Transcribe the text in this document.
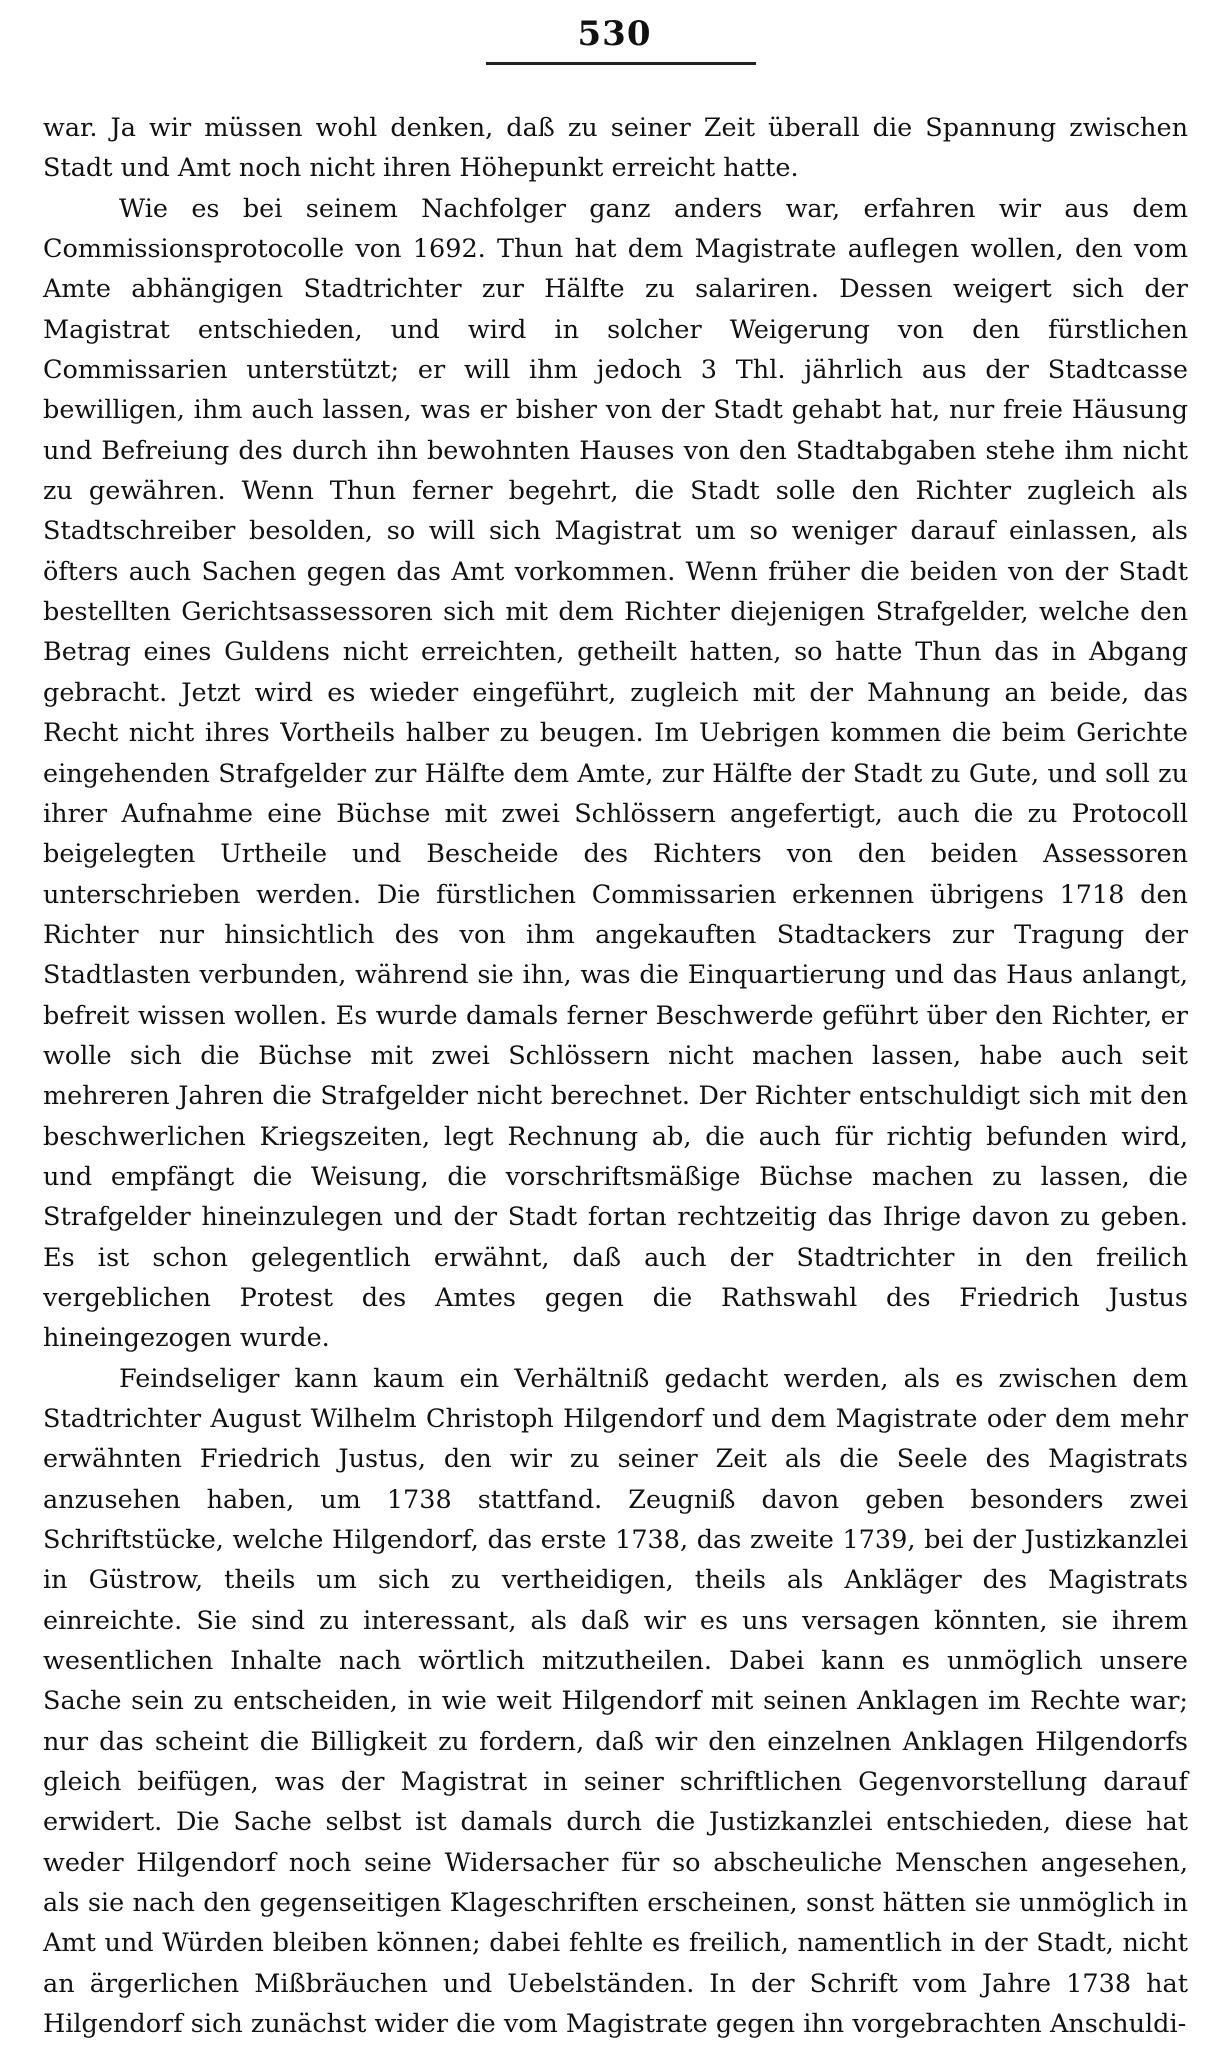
530

war. Ja wir müssen wohl denken, daß zu seiner Zeit überall die Spannung zwischen Stadt und Amt noch nicht ihren Höhepunkt erreicht hatte.

Wie es bei seinem Nachfolger ganz anders war, erfahren wir aus dem Commissionsprotocolle von 1692. Thun hat dem Magistrate auflegen wollen, den vom Amte abhängigen Stadtrichter zur Hälfte zu salariren. Dessen weigert sich der Magistrat entschieden, und wird in solcher Weigerung von den fürstlichen Commissarien unterstützt; er will ihm jedoch 3 Thl. jährlich aus der Stadtcasse bewilligen, ihm auch lassen, was er bisher von der Stadt gehabt hat, nur freie Häusung und Befreiung des durch ihn bewohnten Hauses von den Stadtabgaben stehe ihm nicht zu gewähren. Wenn Thun ferner begehrt, die Stadt solle den Richter zugleich als Stadtschreiber besolden, so will sich Magistrat um so weniger darauf einlassen, als öfters auch Sachen gegen das Amt vorkommen. Wenn früher die beiden von der Stadt bestellten Gerichtsassessoren sich mit dem Richter diejenigen Strafgelder, welche den Betrag eines Guldens nicht erreichten, getheilt hatten, so hatte Thun das in Abgang gebracht. Jetzt wird es wieder eingeführt, zugleich mit der Mahnung an beide, das Recht nicht ihres Vortheils halber zu beugen. Im Uebrigen kommen die beim Gerichte eingehenden Strafgelder zur Hälfte dem Amte, zur Hälfte der Stadt zu Gute, und soll zu ihrer Aufnahme eine Büchse mit zwei Schlössern angefertigt, auch die zu Protocoll beigelegten Urtheile und Bescheide des Richters von den beiden Assessoren unterschrieben werden. Die fürstlichen Commissarien erkennen übrigens 1718 den Richter nur hinsichtlich des von ihm angekauften Stadtackers zur Tragung der Stadtlasten verbunden, während sie ihn, was die Einquartierung und das Haus anlangt, befreit wissen wollen. Es wurde damals ferner Beschwerde geführt über den Richter, er wolle sich die Büchse mit zwei Schlössern nicht machen lassen, habe auch seit mehreren Jahren die Strafgelder nicht berechnet. Der Richter entschuldigt sich mit den beschwerlichen Kriegszeiten, legt Rechnung ab, die auch für richtig befunden wird, und empfängt die Weisung, die vorschriftsmäßige Büchse machen zu lassen, die Strafgelder hineinzulegen und der Stadt fortan rechtzeitig das Ihrige davon zu geben. Es ist schon gelegentlich erwähnt, daß auch der Stadtrichter in den freilich vergeblichen Protest des Amtes gegen die Rathswahl des Friedrich Justus hineingezogen wurde.

Feindseliger kann kaum ein Verhältniß gedacht werden, als es zwischen dem Stadtrichter August Wilhelm Christoph Hilgendorf und dem Magistrate oder dem mehr erwähnten Friedrich Justus, den wir zu seiner Zeit als die Seele des Magistrats anzusehen haben, um 1738 stattfand. Zeugniß davon geben besonders zwei Schriftstücke, welche Hilgendorf, das erste 1738, das zweite 1739, bei der Justizkanzlei in Güstrow, theils um sich zu vertheidigen, theils als Ankläger des Magistrats einreichte. Sie sind zu interessant, als daß wir es uns versagen könnten, sie ihrem wesentlichen Inhalte nach wörtlich mitzutheilen. Dabei kann es unmöglich unsere Sache sein zu entscheiden, in wie weit Hilgendorf mit seinen Anklagen im Rechte war; nur das scheint die Billigkeit zu fordern, daß wir den einzelnen Anklagen Hilgendorfs gleich beifügen, was der Magistrat in seiner schriftlichen Gegenvorstellung darauf erwidert. Die Sache selbst ist damals durch die Justizkanzlei entschieden, diese hat weder Hilgendorf noch seine Widersacher für so abscheuliche Menschen angesehen, als sie nach den gegenseitigen Klageschriften erscheinen, sonst hätten sie unmöglich in Amt und Würden bleiben können; dabei fehlte es freilich, namentlich in der Stadt, nicht an ärgerlichen Mißbräuchen und Uebelständen. In der Schrift vom Jahre 1738 hat Hilgendorf sich zunächst wider die vom Magistrate gegen ihn vorgebrachten Anschuldi-
